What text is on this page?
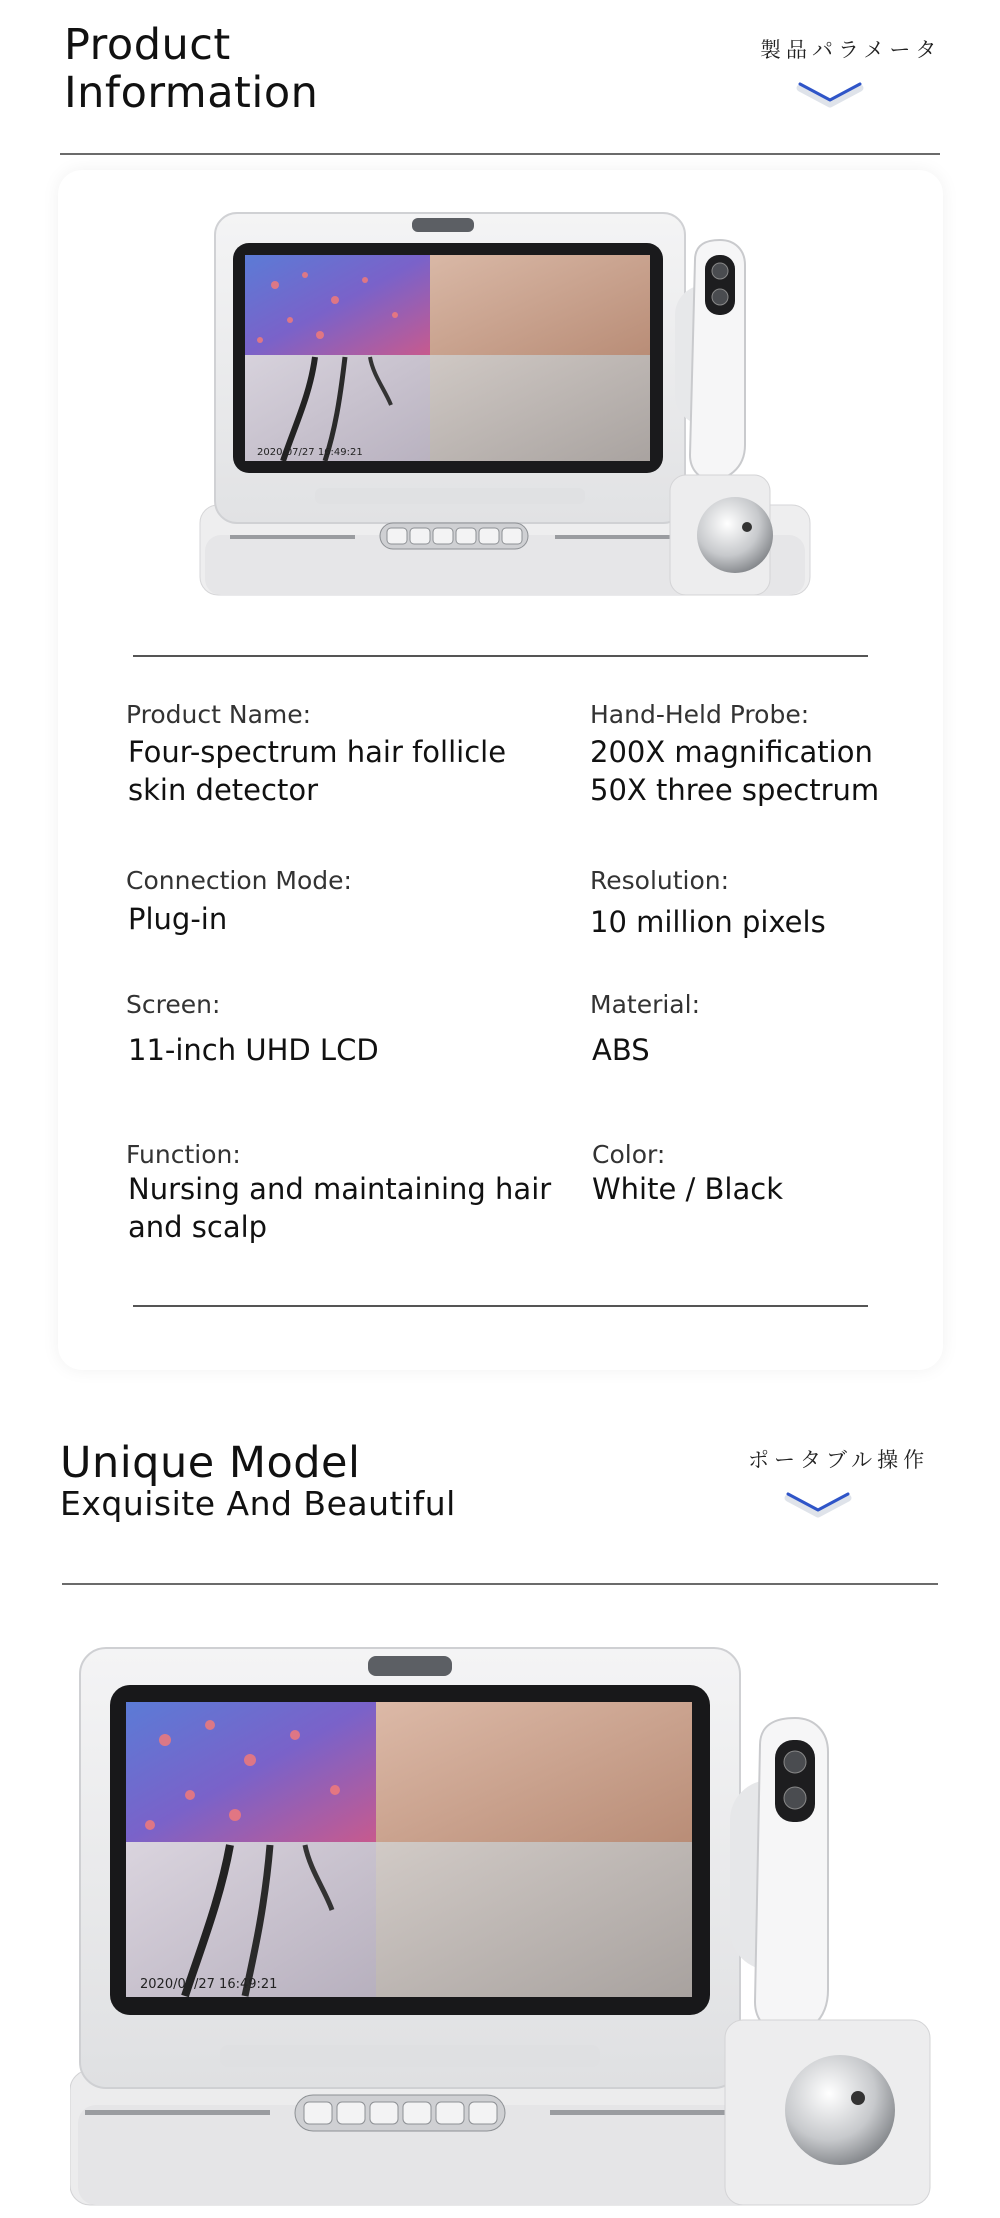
Product
Information
製品パラメータ
2020/07/27 16:49:21
Product Name:
Four-spectrum hair follicle skin detector
Hand-Held Probe:
200X magnification
50X three spectrum
Connection Mode:
Plug-in
Resolution:
10 million pixels
Screen:
11-inch UHD LCD
Material:
ABS
Function:
Nursing and maintaining hair and scalp
Color:
White / Black
Unique Model
Exquisite And Beautiful
ポータブル操作
2020/07/27 16:49:21
